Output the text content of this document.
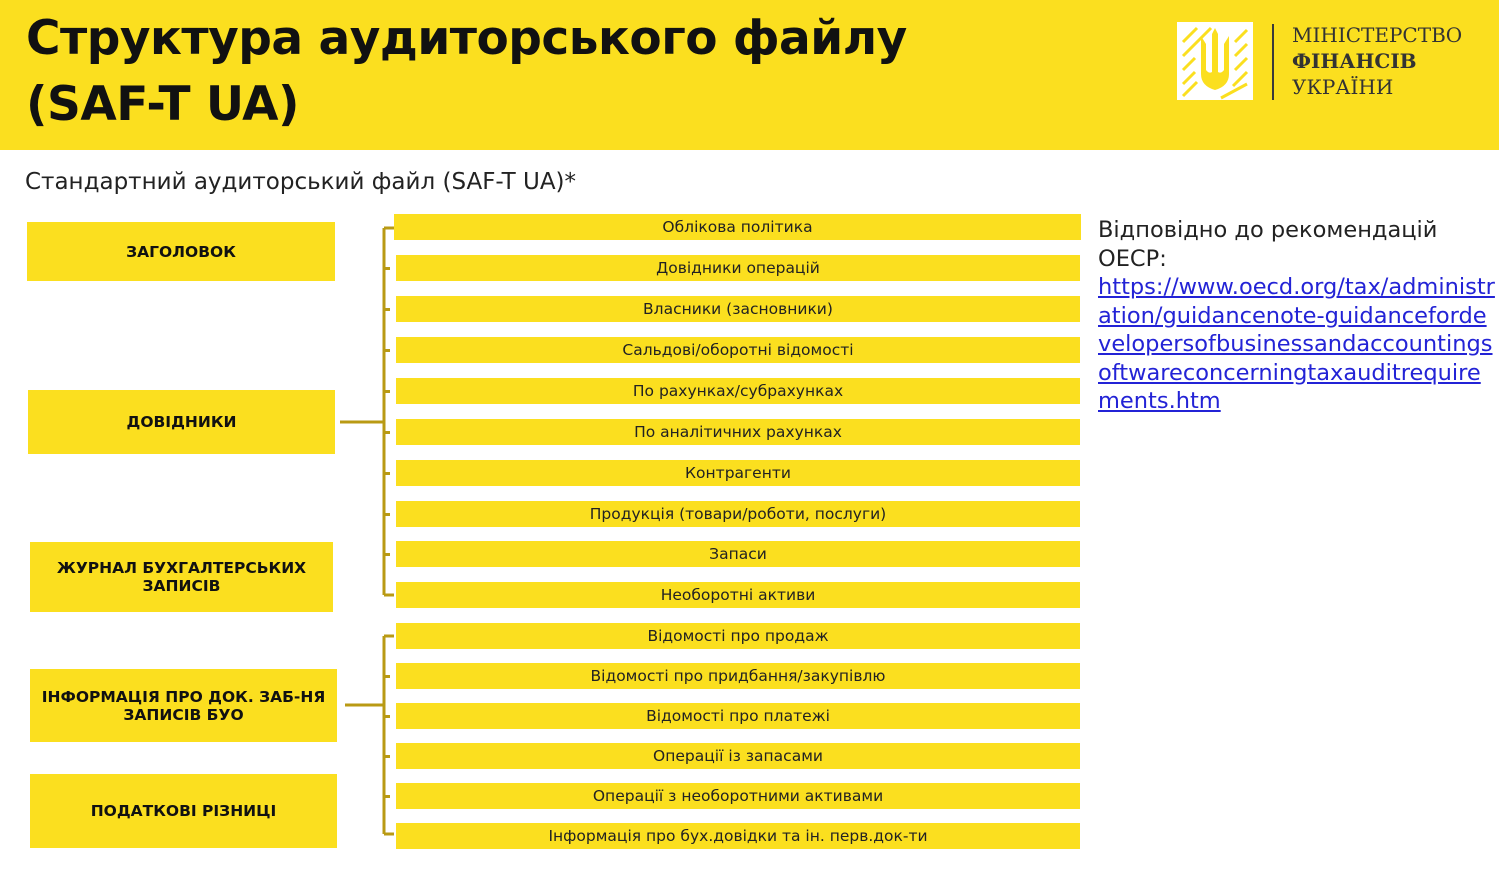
Структура аудиторського файлу
(SAF-T UA)
МІНІСТЕРСТВО
ФІНАНСІВ
УКРАЇНИ
Стандартний аудиторський файл (SAF-T UA)*
ЗАГОЛОВОК
ДОВІДНИКИ
ЖУРНАЛ БУХГАЛТЕРСЬКИХ
ЗАПИСІВ
ІНФОРМАЦІЯ ПРО ДОК. ЗАБ-НЯ
ЗАПИСІВ БУО
ПОДАТКОВІ РІЗНИЦІ
Облікова політика
Довідники операцій
Власники (засновники)
Сальдові/оборотні відомості
По рахунках/субрахунках
По аналітичних рахунках
Контрагенти
Продукція (товари/роботи, послуги)
Запаси
Необоротні активи
Відомості про продаж
Відомості про придбання/закупівлю
Відомості про платежі
Операції із запасами
Операції з необоротними активами
Інформація про бух.довідки та ін. перв.док-ти
Відповідно до рекомендацій
ОЕСР:
https://www.oecd.org/tax/administration/guidancenote-guidancefordevelopersofbusinessandaccountingsoftwareconcerningtaxauditrequirements.htm
